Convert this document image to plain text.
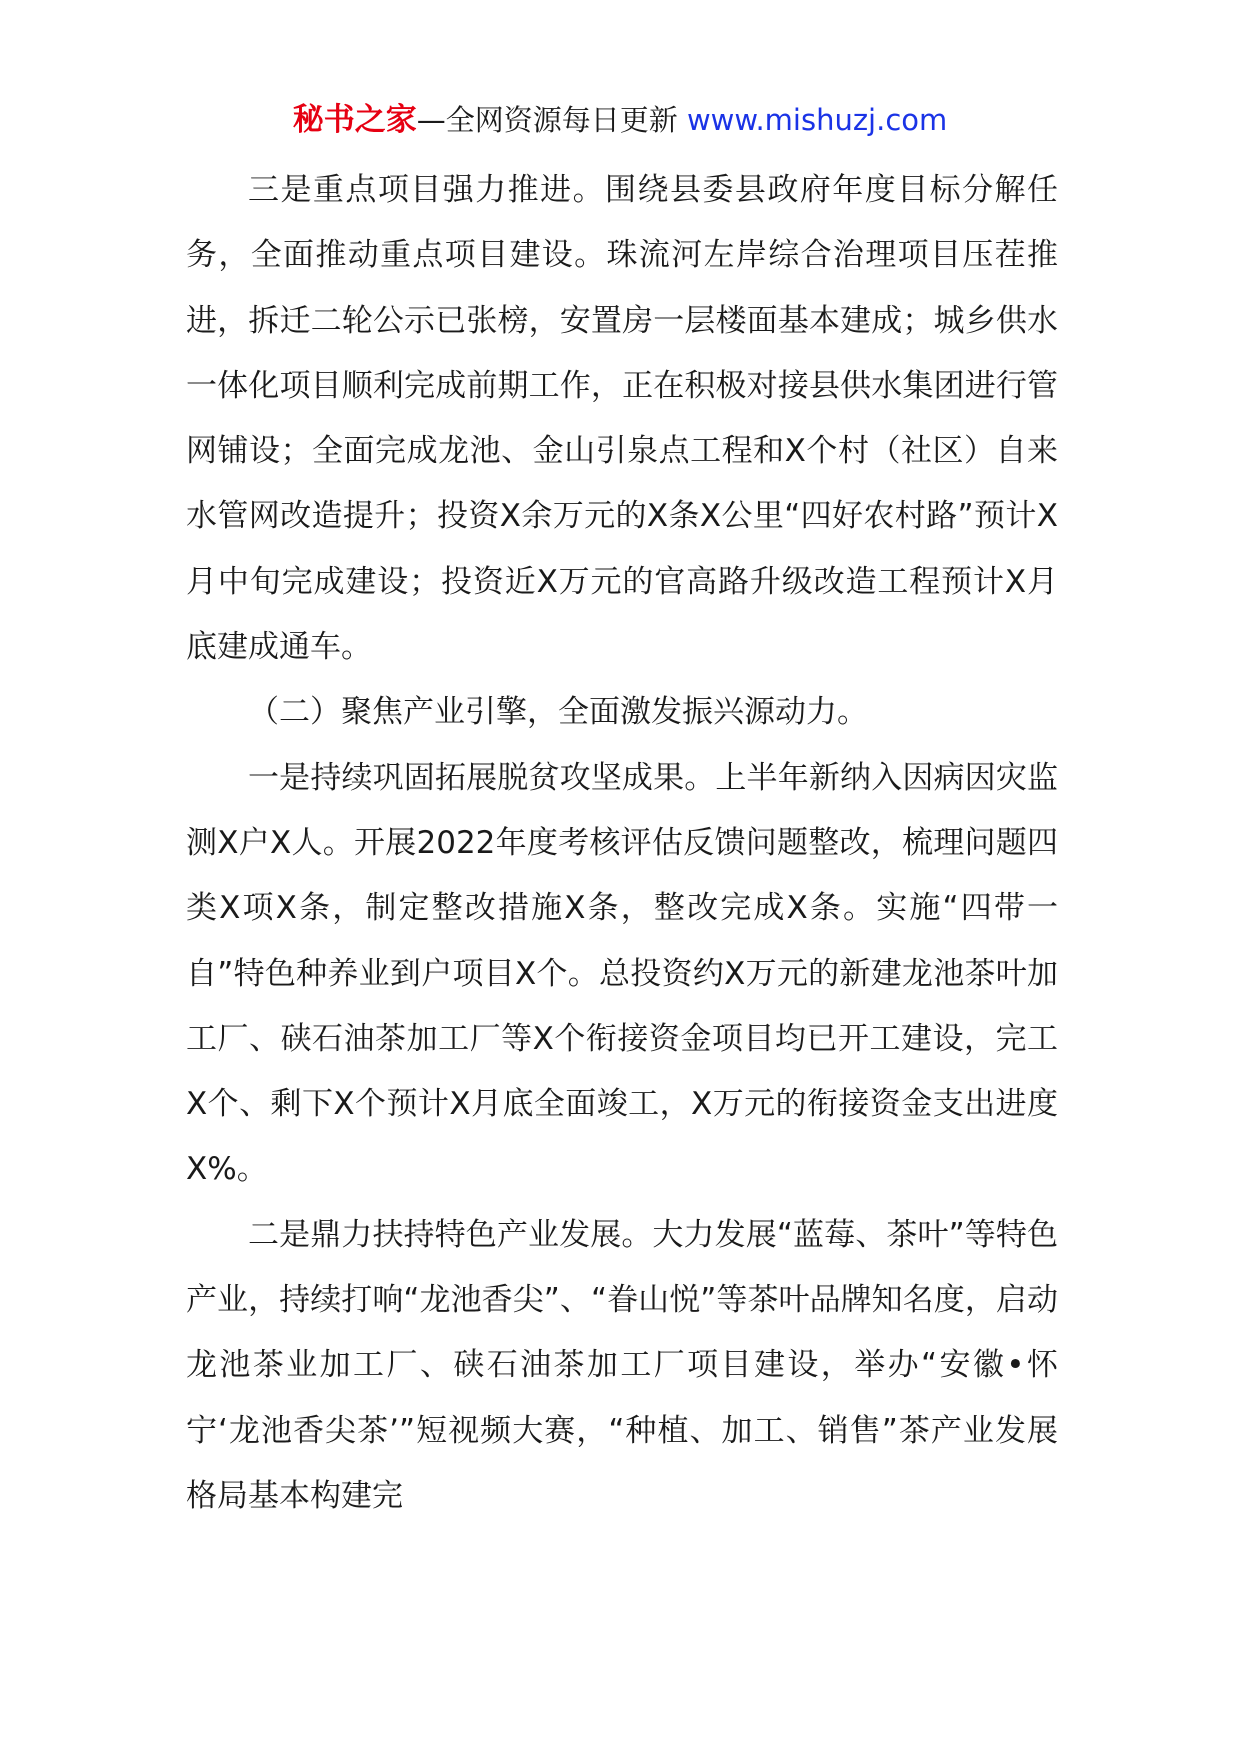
秘书之家—全网资源每日更新 www.mishuzj.com

三是重点项目强力推进。围绕县委县政府年度目标分解任务，全面推动重点项目建设。珠流河左岸综合治理项目压茬推进，拆迁二轮公示已张榜，安置房一层楼面基本建成；城乡供水一体化项目顺利完成前期工作，正在积极对接县供水集团进行管网铺设；全面完成龙池、金山引泉点工程和X个村（社区）自来水管网改造提升；投资X余万元的X条X公里“四好农村路”预计X月中旬完成建设；投资近X万元的官高路升级改造工程预计X月底建成通车。

（二）聚焦产业引擎，全面激发振兴源动力。

一是持续巩固拓展脱贫攻坚成果。上半年新纳入因病因灾监测X户X人。开展2022年度考核评估反馈问题整改，梳理问题四类X项X条，制定整改措施X条，整改完成X条。实施“四带一自”特色种养业到户项目X个。总投资约X万元的新建龙池茶叶加工厂、硖石油茶加工厂等X个衔接资金项目均已开工建设，完工X个、剩下X个预计X月底全面竣工，X万元的衔接资金支出进度X%。

二是鼎力扶持特色产业发展。大力发展“蓝莓、茶叶”等特色产业，持续打响“龙池香尖”、“眷山悦”等茶叶品牌知名度，启动龙池茶业加工厂、硖石油茶加工厂项目建设，举办“安徽•怀宁‘龙池香尖茶’”短视频大赛，“种植、加工、销售”茶产业发展格局基本构建完
